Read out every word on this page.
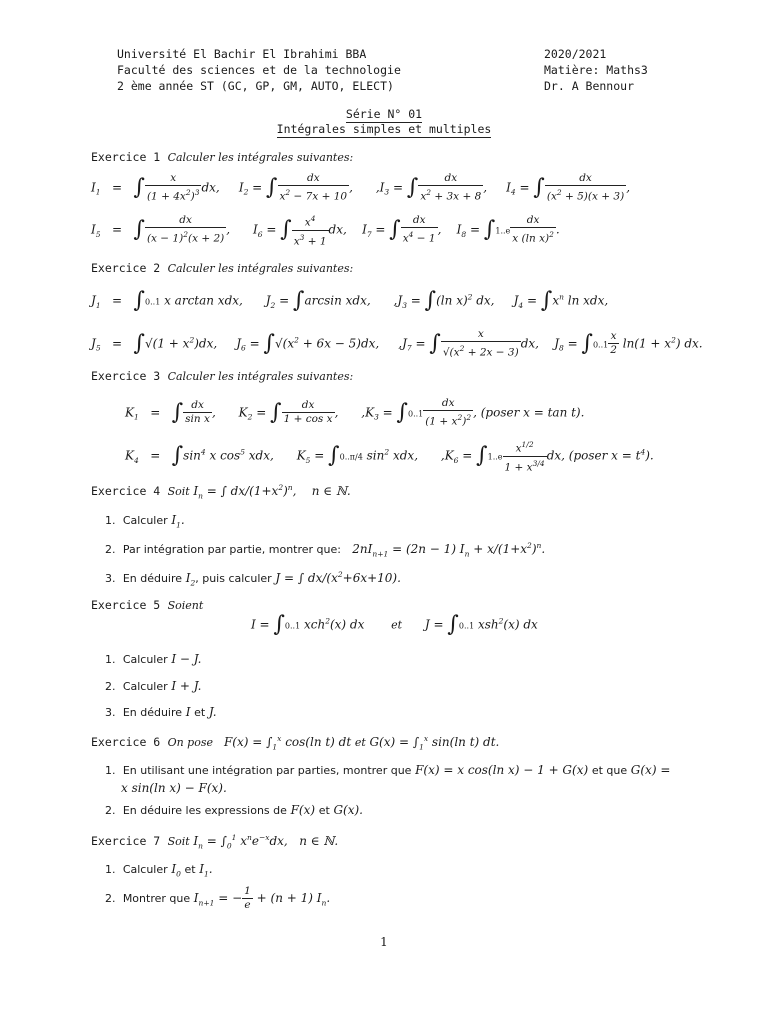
Université El Bachir El Ibrahimi BBA
Faculté des sciences et de la technologie
2 ème année ST (GC, GP, GM, AUTO, ELECT)
2020/2021
Matière: Maths3
Dr. A Bennour
Série N° 01
Intégrales simples et multiples
Exercice 1 Calculer les intégrales suivantes:
$I_1$   =   ∫ $\frac{x}{(1 + 4x^2)^3}$ dx,     $I_2$ = ∫ $\frac{dx}{x^2 - 7x + 10}$ ,      $,I_3$ = ∫ $\frac{dx}{x^2 + 3x + 8}$ ,     $I_4$ = ∫ $\frac{dx}{(x^2 + 5)(x + 3)}$ ,
$I_5$   =   ∫ $\frac{dx}{(x - 1)^2(x + 2)}$ ,      $I_6$ = ∫ $\frac{x^4}{x^3 + 1}$ dx,    $I_7$ = ∫ $\frac{dx}{x^4 - 1}$ ,    $I_8 = \int 1..e \frac{dx}{x (\ln x)^2}$ .
Exercice 2 Calculer les intégrales suivantes:
$J_1 = \int 0..1$ x arctan xdx,      $J_2 = \int\arcsin$ xdx,      $,J_3 = \int(\ln$ x)$^2$ dx,     $J_4 = \int x^n$ ln xdx,
$J_5 = \int√(1 + x^2)dx$,     $J_6 = \int√(x^2 + 6x - 5)dx$,     $,J_7$ = ∫ $\frac{x}{√(x^2 + 2x - 3)}$ dx,    $J_8 = \int 0..1 \frac{x}{2} \ln(1 + x^2)$ dx.
Exercice 3 Calculer les intégrales suivantes:
$K_1$   =   ∫ $\frac{dx}{\text{sin x}}$ ,      $K_2$ = ∫ $\frac{dx}{\text{1 + cos x}}$ ,      $,K_3 = \int 0..1 \frac{dx}{(1 + x^2)^2}$ , (poser x = tan t).
$K_4 = \int\sin^4$ x $\cos^5$ xdx,      $K_5 = \int 0..\pi/4$ $\sin^2$ xdx,      $,K_6 = \int 1..e \frac{x^{1/2}}{1 + x^{3/4}}$ dx, (poser $x = t^4$).
Exercice 4 Soit $I_n$ = ∫ $dx/(1+x^2)^n$,    n ∈ ℕ.
1. Calculer $I_1$.
2. Par intégration par partie, montrer que:   $2nI_{n+1} = (2n - 1) I_n + x/(1+x^2)^n$.
3. En déduire $I_2$, puis calculer J = ∫ $dx/(x^2+6x+10)$.
Exercice 5 Soient
I = ∫0..1 xch$^2$(x) dx       et      J = ∫0..1 xsh$^2$(x) dx
1. Calculer I − J.
2. Calculer I + J.
3. En déduire I et J.
Exercice 6 On pose $F(x) = \int_1^x$ cos(ln t) dt et $G(x) = \int_1^x$ sin(ln t) dt.
1. En utilisant une intégration par parties, montrer que F(x) = x cos(ln x) − 1 + G(x) et que G(x) =
x sin(ln x) − F(x).
2. En déduire les expressions de F(x) et G(x).
Exercice 7 Soit $I_n = \int_0^1$ $x^ne^{-x}dx$,   n ∈ ℕ.
1. Calculer $I_0$ et $I_1$.
2. Montrer que $I_{n+1}$ = − $\frac{1}{e} + (n + 1)$ $I_n$.
1
